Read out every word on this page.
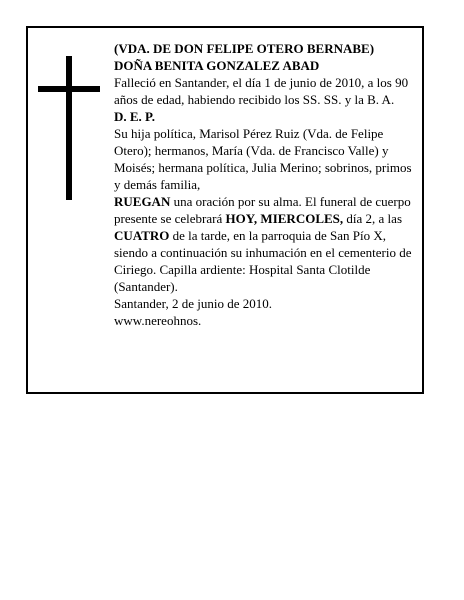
(VDA. DE DON FELIPE OTERO BERNABE)

DOÑA BENITA GONZALEZ ABAD

Falleció en Santander, el día 1 de junio de 2010, a los 90 años de edad, habiendo recibido los SS. SS. y la B. A.

D. E. P.

Su hija política, Marisol Pérez Ruiz (Vda. de Felipe Otero); hermanos, María (Vda. de Francisco Valle) y Moisés; hermana política, Julia Merino; sobrinos, primos y demás familia,

RUEGAN una oración por su alma. El funeral de cuerpo presente se celebrará HOY, MIERCOLES, día 2, a las CUATRO de la tarde, en la parroquia de San Pío X, siendo a continuación su inhumación en el cementerio de Ciriego. Capilla ardiente: Hospital Santa Clotilde (Santander).

Santander, 2 de junio de 2010.

www.nereohnos.
